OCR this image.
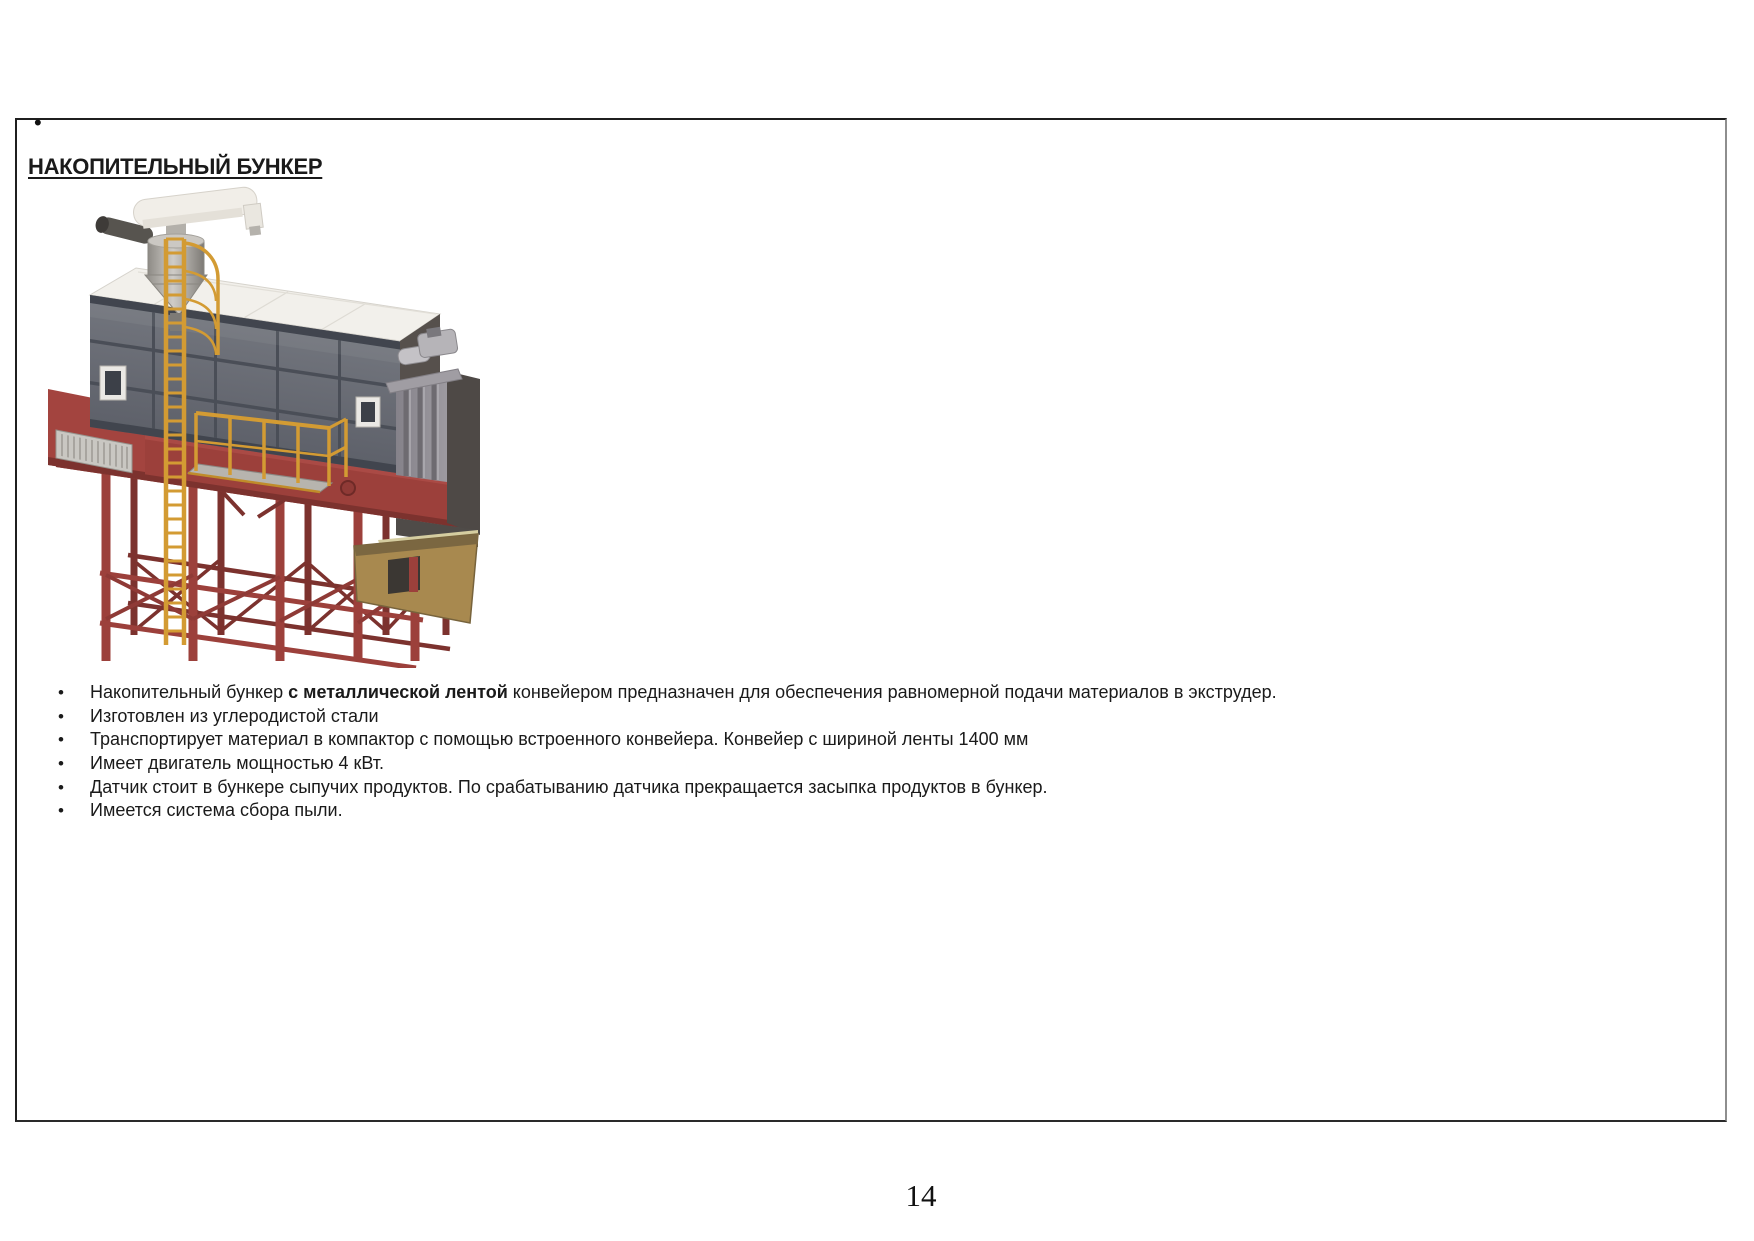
•
НАКОПИТЕЛЬНЫЙ БУНКЕР
• Накопительный бункер с металлической лентой конвейером предназначен для обеспечения равномерной подачи материалов в экструдер.
• Изготовлен из углеродистой стали
• Транспортирует материал в компактор с помощью встроенного конвейера. Конвейер с шириной ленты 1400 мм
• Имеет двигатель мощностью 4 кВт.
• Датчик стоит в бункере сыпучих продуктов. По срабатыванию датчика прекращается засыпка продуктов в бункер.
• Имеется система сбора пыли.
14
